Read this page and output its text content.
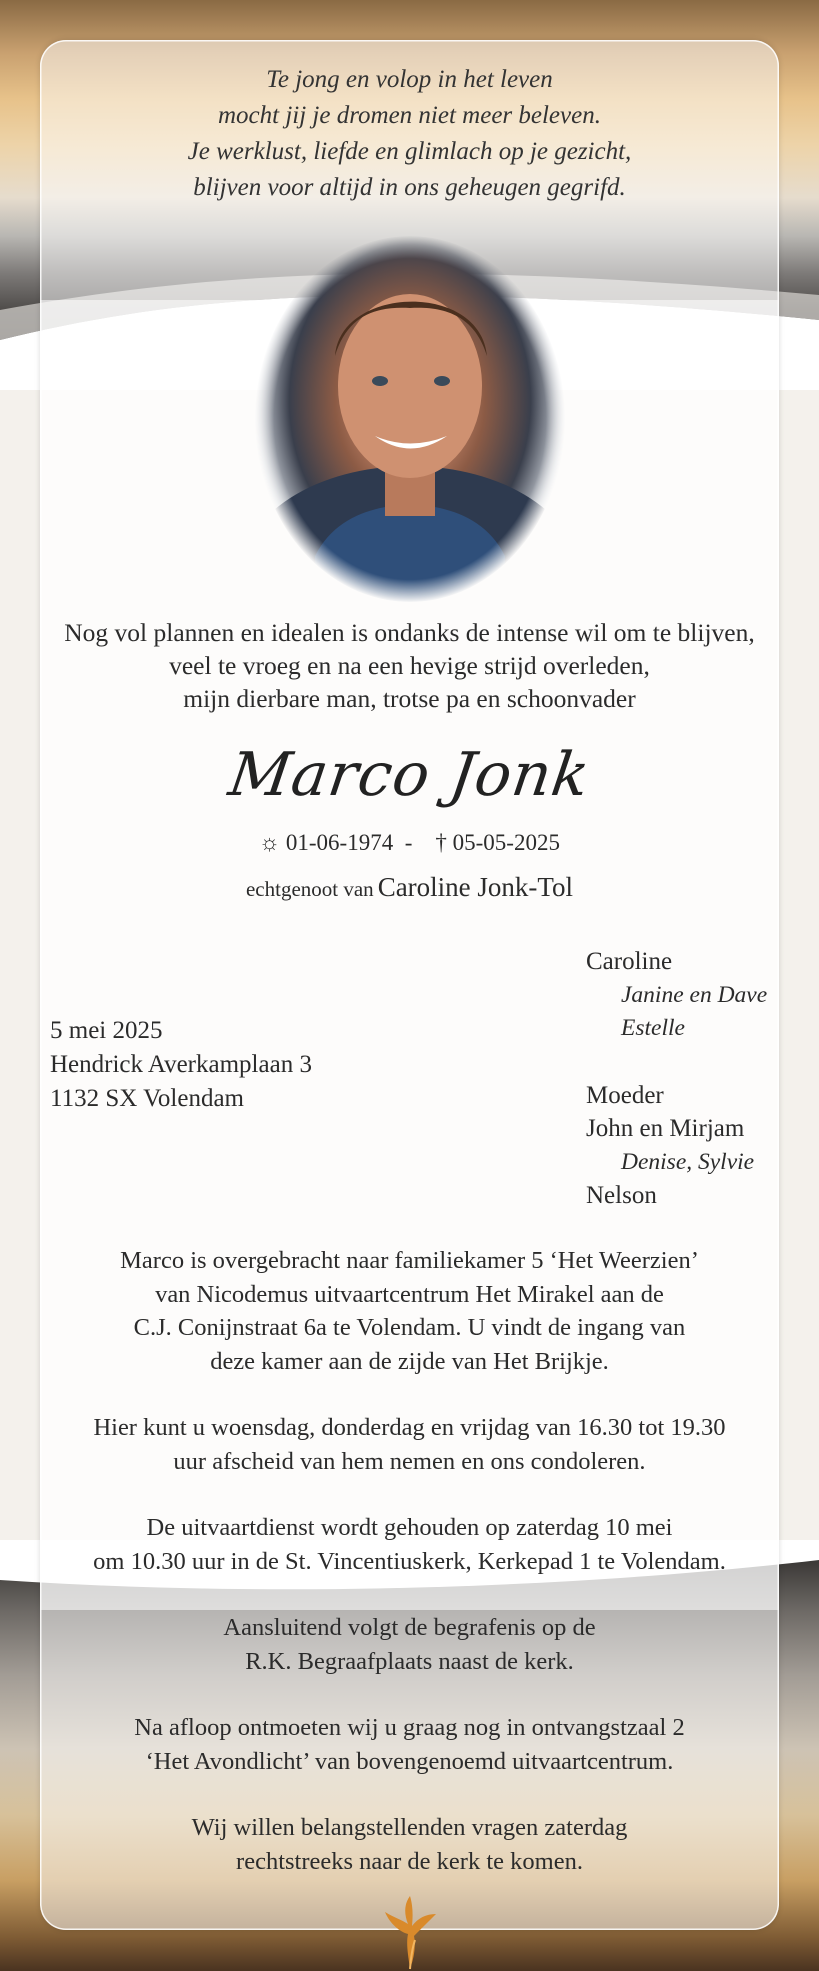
Te jong en volop in het leven
mocht jij je dromen niet meer beleven.
Je werklust, liefde en glimlach op je gezicht,
blijven voor altijd in ons geheugen gegrifd.
Nog vol plannen en idealen is ondanks de intense wil om te blijven,
veel te vroeg en na een hevige strijd overleden,
mijn dierbare man, trotse pa en schoonvader
Marco Jonk
☼ 01-06-1974 - † 05-05-2025
echtgenoot van Caroline Jonk-Tol
5 mei 2025
Hendrick Averkamplaan 3
1132 SX Volendam
Caroline
Janine en Dave
Estelle
Moeder
John en Mirjam
Denise, Sylvie
Nelson
Marco is overgebracht naar familiekamer 5 ‘Het Weerzien’
van Nicodemus uitvaartcentrum Het Mirakel aan de
C.J. Conijnstraat 6a te Volendam. U vindt de ingang van
deze kamer aan de zijde van Het Brijkje.
Hier kunt u woensdag, donderdag en vrijdag van 16.30 tot 19.30
uur afscheid van hem nemen en ons condoleren.
De uitvaartdienst wordt gehouden op zaterdag 10 mei
om 10.30 uur in de St. Vincentiuskerk, Kerkepad 1 te Volendam.
Aansluitend volgt de begrafenis op de
R.K. Begraafplaats naast de kerk.
Na afloop ontmoeten wij u graag nog in ontvangstzaal 2
‘Het Avondlicht’ van bovengenoemd uitvaartcentrum.
Wij willen belangstellenden vragen zaterdag
rechtstreeks naar de kerk te komen.
